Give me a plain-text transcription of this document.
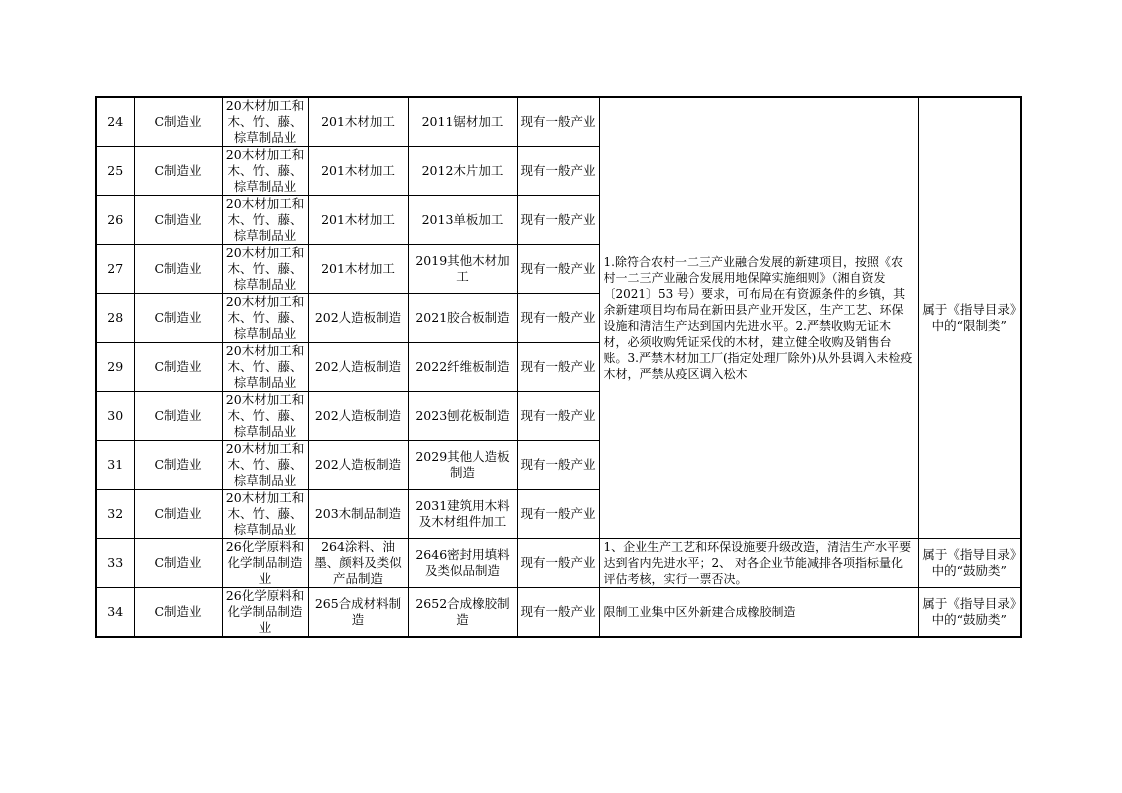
24	C制造业	20木材加工和木、竹、藤、棕草制品业	201木材加工	2011锯材加工	现有一般产业	1.除符合农村一二三产业融合发展的新建项目，按照《农村一二三产业融合发展用地保障实施细则》（湘自资发〔2021〕53 号）要求，可布局在有资源条件的乡镇，其余新建项目均布局在新田县产业开发区，生产工艺、环保设施和清洁生产达到国内先进水平。2.严禁收购无证木材，必须收购凭证采伐的木材，建立健全收购及销售台账。3.严禁木材加工厂(指定处理厂除外)从外县调入未检疫木材，严禁从疫区调入松木	属于《指导目录》中的“限制类”
25	C制造业	20木材加工和木、竹、藤、棕草制品业	201木材加工	2012木片加工	现有一般产业		
26	C制造业	20木材加工和木、竹、藤、棕草制品业	201木材加工	2013单板加工	现有一般产业		
27	C制造业	20木材加工和木、竹、藤、棕草制品业	201木材加工	2019其他木材加工	现有一般产业		
28	C制造业	20木材加工和木、竹、藤、棕草制品业	202人造板制造	2021胶合板制造	现有一般产业		
29	C制造业	20木材加工和木、竹、藤、棕草制品业	202人造板制造	2022纤维板制造	现有一般产业		
30	C制造业	20木材加工和木、竹、藤、棕草制品业	202人造板制造	2023刨花板制造	现有一般产业		
31	C制造业	20木材加工和木、竹、藤、棕草制品业	202人造板制造	2029其他人造板制造	现有一般产业		
32	C制造业	20木材加工和木、竹、藤、棕草制品业	203木制品制造	2031建筑用木料及木材组件加工	现有一般产业		
33	C制造业	26化学原料和化学制品制造业	264涂料、油墨、颜料及类似产品制造	2646密封用填料及类似品制造	现有一般产业	1、企业生产工艺和环保设施要升级改造，清洁生产水平要达到省内先进水平；2、 对各企业节能减排各项指标量化评估考核，实行一票否决。	属于《指导目录》中的“鼓励类”
34	C制造业	26化学原料和化学制品制造业	265合成材料制造	2652合成橡胶制造	现有一般产业	限制工业集中区外新建合成橡胶制造	属于《指导目录》中的“鼓励类”
